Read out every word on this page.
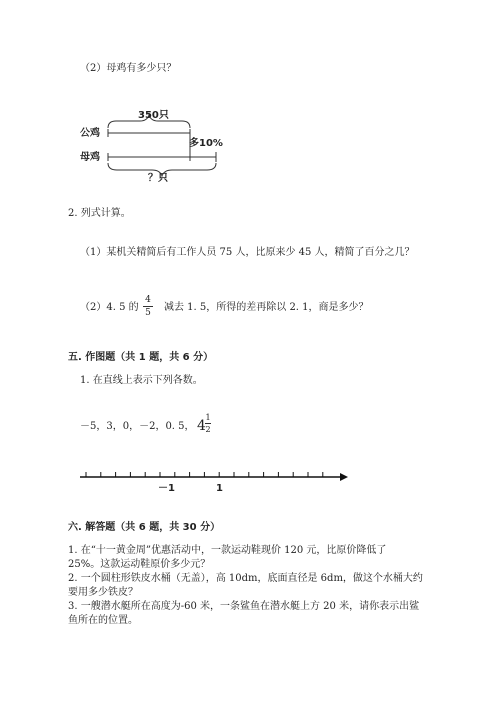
（2）母鸡有多少只？
350只
公鸡
母鸡
多10%
？只
2. 列式计算。
（1）某机关精简后有工作人员 75 人，比原来少 45 人，精简了百分之几？
（2）4. 5 的
4
5 减去 1. 5，所得的差再除以 2. 1，商是多少？
五. 作图题（共 1 题，共 6 分）
1. 在直线上表示下列各数。
－5，3，0，－2，0. 5， 4
1
2
－1	1
六. 解答题（共 6 题，共 30 分）
1. 在“十一黄金周”优惠活动中，一款运动鞋现价 120 元，比原价降低了
25%。这款运动鞋原价多少元？
2. 一个圆柱形铁皮水桶（无盖），高 10dm，底面直径是 6dm，做这个水桶大约
要用多少铁皮？
3. 一艘潜水艇所在高度为-60 米，一条鲨鱼在潜水艇上方 20 米，请你表示出鲨
鱼所在的位置。
